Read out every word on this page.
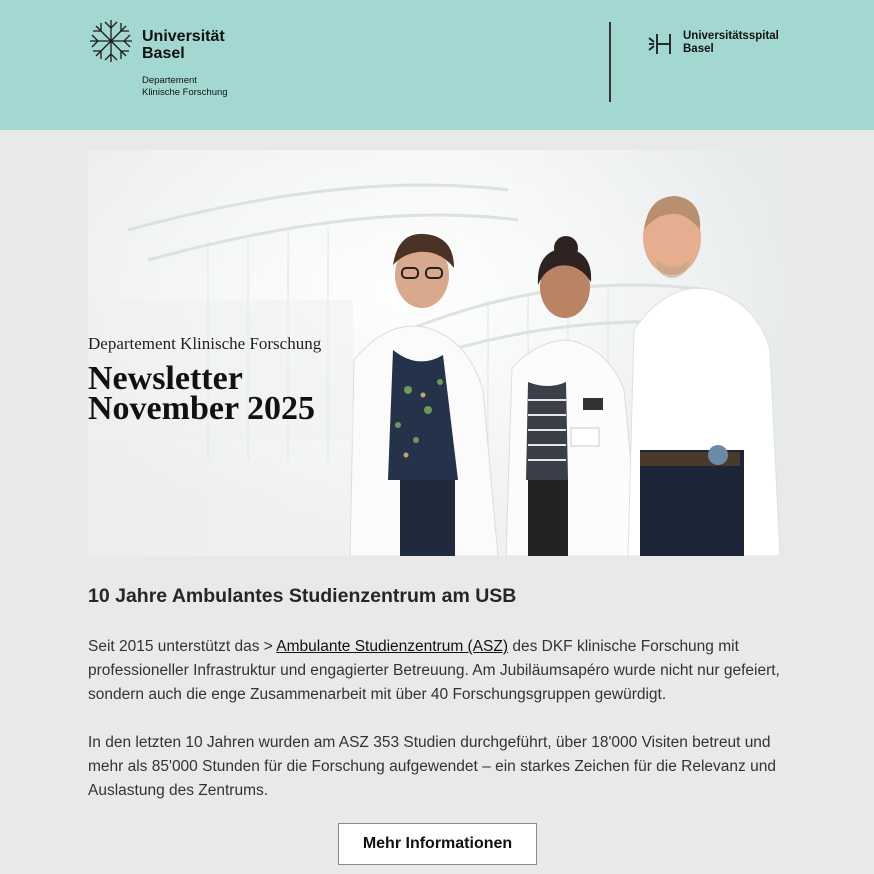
Universität
Basel
Departement
Klinische Forschung
Universitätsspital
Basel
Departement Klinische Forschung
Newsletter
November 2025
10 Jahre Ambulantes Studienzentrum am USB
Seit 2015 unterstützt das > Ambulante Studienzentrum (ASZ) des DKF klinische Forschung mit professioneller Infrastruktur und engagierter Betreuung. Am Jubiläumsapéro wurde nicht nur gefeiert, sondern auch die enge Zusammenarbeit mit über 40 Forschungsgruppen gewürdigt.
In den letzten 10 Jahren wurden am ASZ 353 Studien durchgeführt, über 18'000 Visiten betreut und mehr als 85'000 Stunden für die Forschung aufgewendet – ein starkes Zeichen für die Relevanz und Auslastung des Zentrums.
Mehr Informationen
